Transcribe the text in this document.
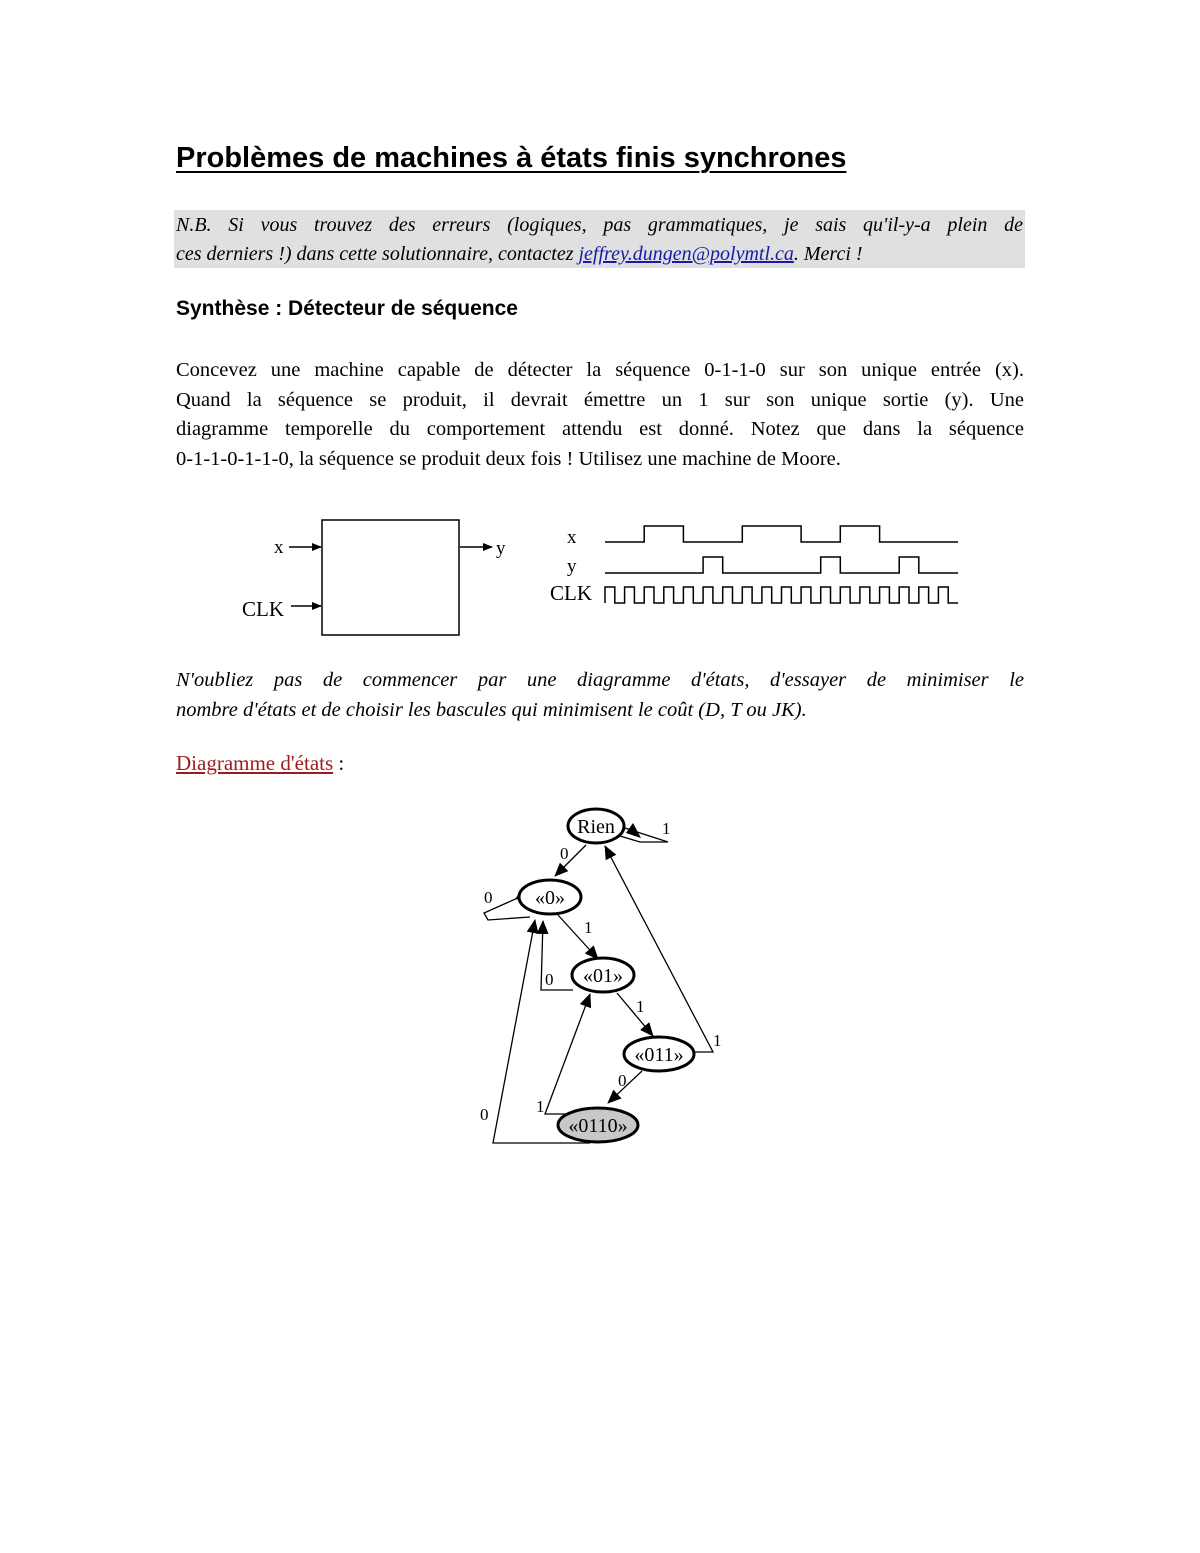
Problèmes de machines à états finis synchrones

N.B. Si vous trouvez des erreurs (logiques, pas grammatiques, je sais qu'il-y-a plein de

ces derniers !) dans cette solutionnaire, contactez jeffrey.dungen@polymtl.ca. Merci !

Synthèse : Détecteur de séquence

Concevez une machine capable de détecter la séquence 0-1-1-0 sur son unique entrée (x).

Quand la séquence se produit, il devrait émettre un 1 sur son unique sortie (y). Une

diagramme temporelle du comportement attendu est donné. Notez que dans la séquence

0-1-1-0-1-1-0, la séquence se produit deux fois ! Utilisez une machine de Moore.

x
CLK
y
x
y
CLK
1
0
0
1
0
1
1
0
1
0
Rien
«0»
«01»
«011»
«0110»

N'oubliez pas de commencer par une diagramme d'états, d'essayer de minimiser le

nombre d'états et de choisir les bascules qui minimisent le coût (D, T ou JK).

Diagramme d'états :
